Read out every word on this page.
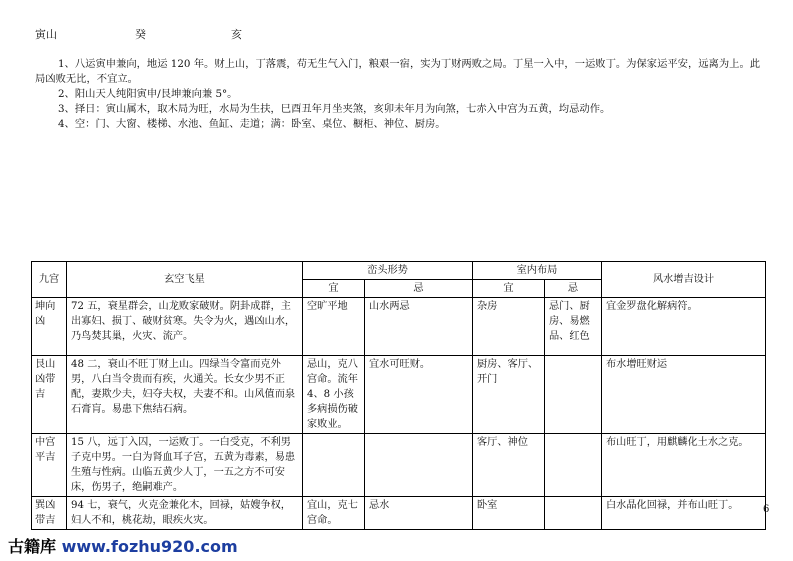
寅山	癸	亥

1、八运寅申兼向，地运 120 年。财上山，丁落震，苟无生气入门，粮艰一宿，实为丁财两败之局。丁星一入中，一运败丁。为保家运平安，远离为上。此局凶败无比，不宜立。

2、阳山天人纯阳寅申/艮坤兼向兼 5°。

3、择日：寅山属木，取木局为旺，水局为生扶，巳酉丑年月坐夹煞，亥卯未年月为向煞，七赤入中宫为五黄，均忌动作。

4、空：门、大窗、楼梯、水池、鱼缸、走道；满：卧室、桌位、橱柜、神位、厨房。

九宫	玄空飞星	峦头形势		室内布局		风水增吉设计
		宜	忌	宜	忌	
坤向凶	72 五，衰星群会，山龙败家破财。阴卦成群，主出寡妇、损丁、破财贫寒。失令为火，遇凶山水，乃鸟焚其巢，火灾、流产。	空旷平地	山水两忌	杂房	忌门、厨房、易燃品、红色	宜金罗盘化解病符。
艮山凶带吉	48 二，衰山不旺丁财上山。四绿当令富而克外男，八白当令贵而有疾，火通关。长女少男不正配，妻欺少夫，妇夺夫权，夫妻不和。山风值而泉石膏肓。易患下焦结石病。	忌山，克八宫命。流年 4、8 小孩多病损伤破家败业。	宜水可旺财。	厨房、客厅、开门		布水增旺财运
中宫平吉	15 八，远丁入囚，一运败丁。一白受克，不利男子克中男。一白为肾血耳子宫，五黄为毒素，易患生殖与性病。山临五黄少人丁，一五之方不可安床，伤男子，绝嗣难产。			客厅、神位		布山旺丁，用麒麟化土水之克。
巽凶带吉	94 七，衰气，火克金兼化木，回禄，姑嫂争权，妇人不和，桃花劫，眼疾火灾。	宜山，克七宫命。	忌水	卧室		白水晶化回禄，并布山旺丁。 6
古籍库 www.fozhu920.com
